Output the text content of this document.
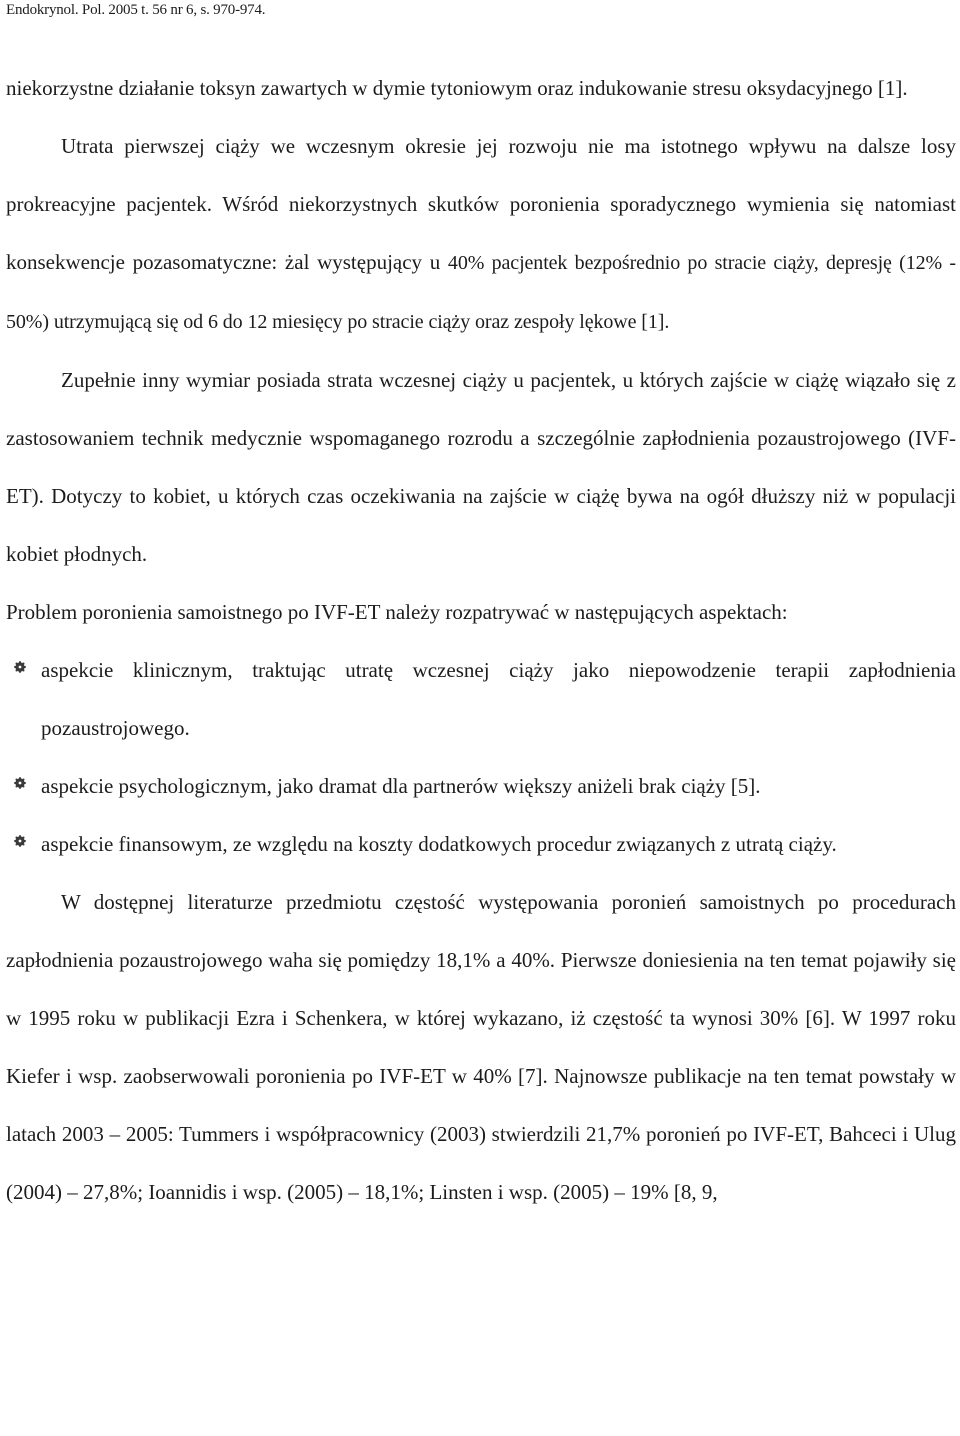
Endokrynol. Pol. 2005 t. 56 nr 6, s. 970-974.

niekorzystne działanie toksyn zawartych w dymie tytoniowym oraz indukowanie stresu oksydacyjnego [1].

Utrata pierwszej ciąży we wczesnym okresie jej rozwoju nie ma istotnego wpływu na dalsze losy prokreacyjne pacjentek. Wśród niekorzystnych skutków poronienia sporadycznego wymienia się natomiast konsekwencje pozasomatyczne: żal występujący u 40% pacjentek bezpośrednio po stracie ciąży, depresję (12% - 50%) utrzymującą się od 6 do 12 miesięcy po stracie ciąży oraz zespoły lękowe [1].

Zupełnie inny wymiar posiada strata wczesnej ciąży u pacjentek, u których zajście w ciążę wiązało się z zastosowaniem technik medycznie wspomaganego rozrodu a szczególnie zapłodnienia pozaustrojowego (IVF-ET). Dotyczy to kobiet, u których czas oczekiwania na zajście w ciążę bywa na ogół dłuższy niż w populacji kobiet płodnych.

Problem poronienia samoistnego po IVF-ET należy rozpatrywać w następujących aspektach:

aspekcie klinicznym, traktując utratę wczesnej ciąży jako niepowodzenie terapii zapłodnienia pozaustrojowego.
aspekcie psychologicznym, jako dramat dla partnerów większy aniżeli brak ciąży [5].
aspekcie finansowym, ze względu na koszty dodatkowych procedur związanych z utratą ciąży.

W dostępnej literaturze przedmiotu częstość występowania poronień samoistnych po procedurach zapłodnienia pozaustrojowego waha się pomiędzy 18,1% a 40%. Pierwsze doniesienia na ten temat pojawiły się w 1995 roku w publikacji Ezra i Schenkera, w której wykazano, iż częstość ta wynosi 30% [6]. W 1997 roku Kiefer i wsp. zaobserwowali poronienia po IVF-ET w 40% [7]. Najnowsze publikacje na ten temat powstały w latach 2003 – 2005: Tummers i współpracownicy (2003) stwierdzili 21,7% poronień po IVF-ET, Bahceci i Ulug (2004) – 27,8%; Ioannidis i wsp. (2005) – 18,1%; Linsten i wsp. (2005) – 19% [8, 9,
